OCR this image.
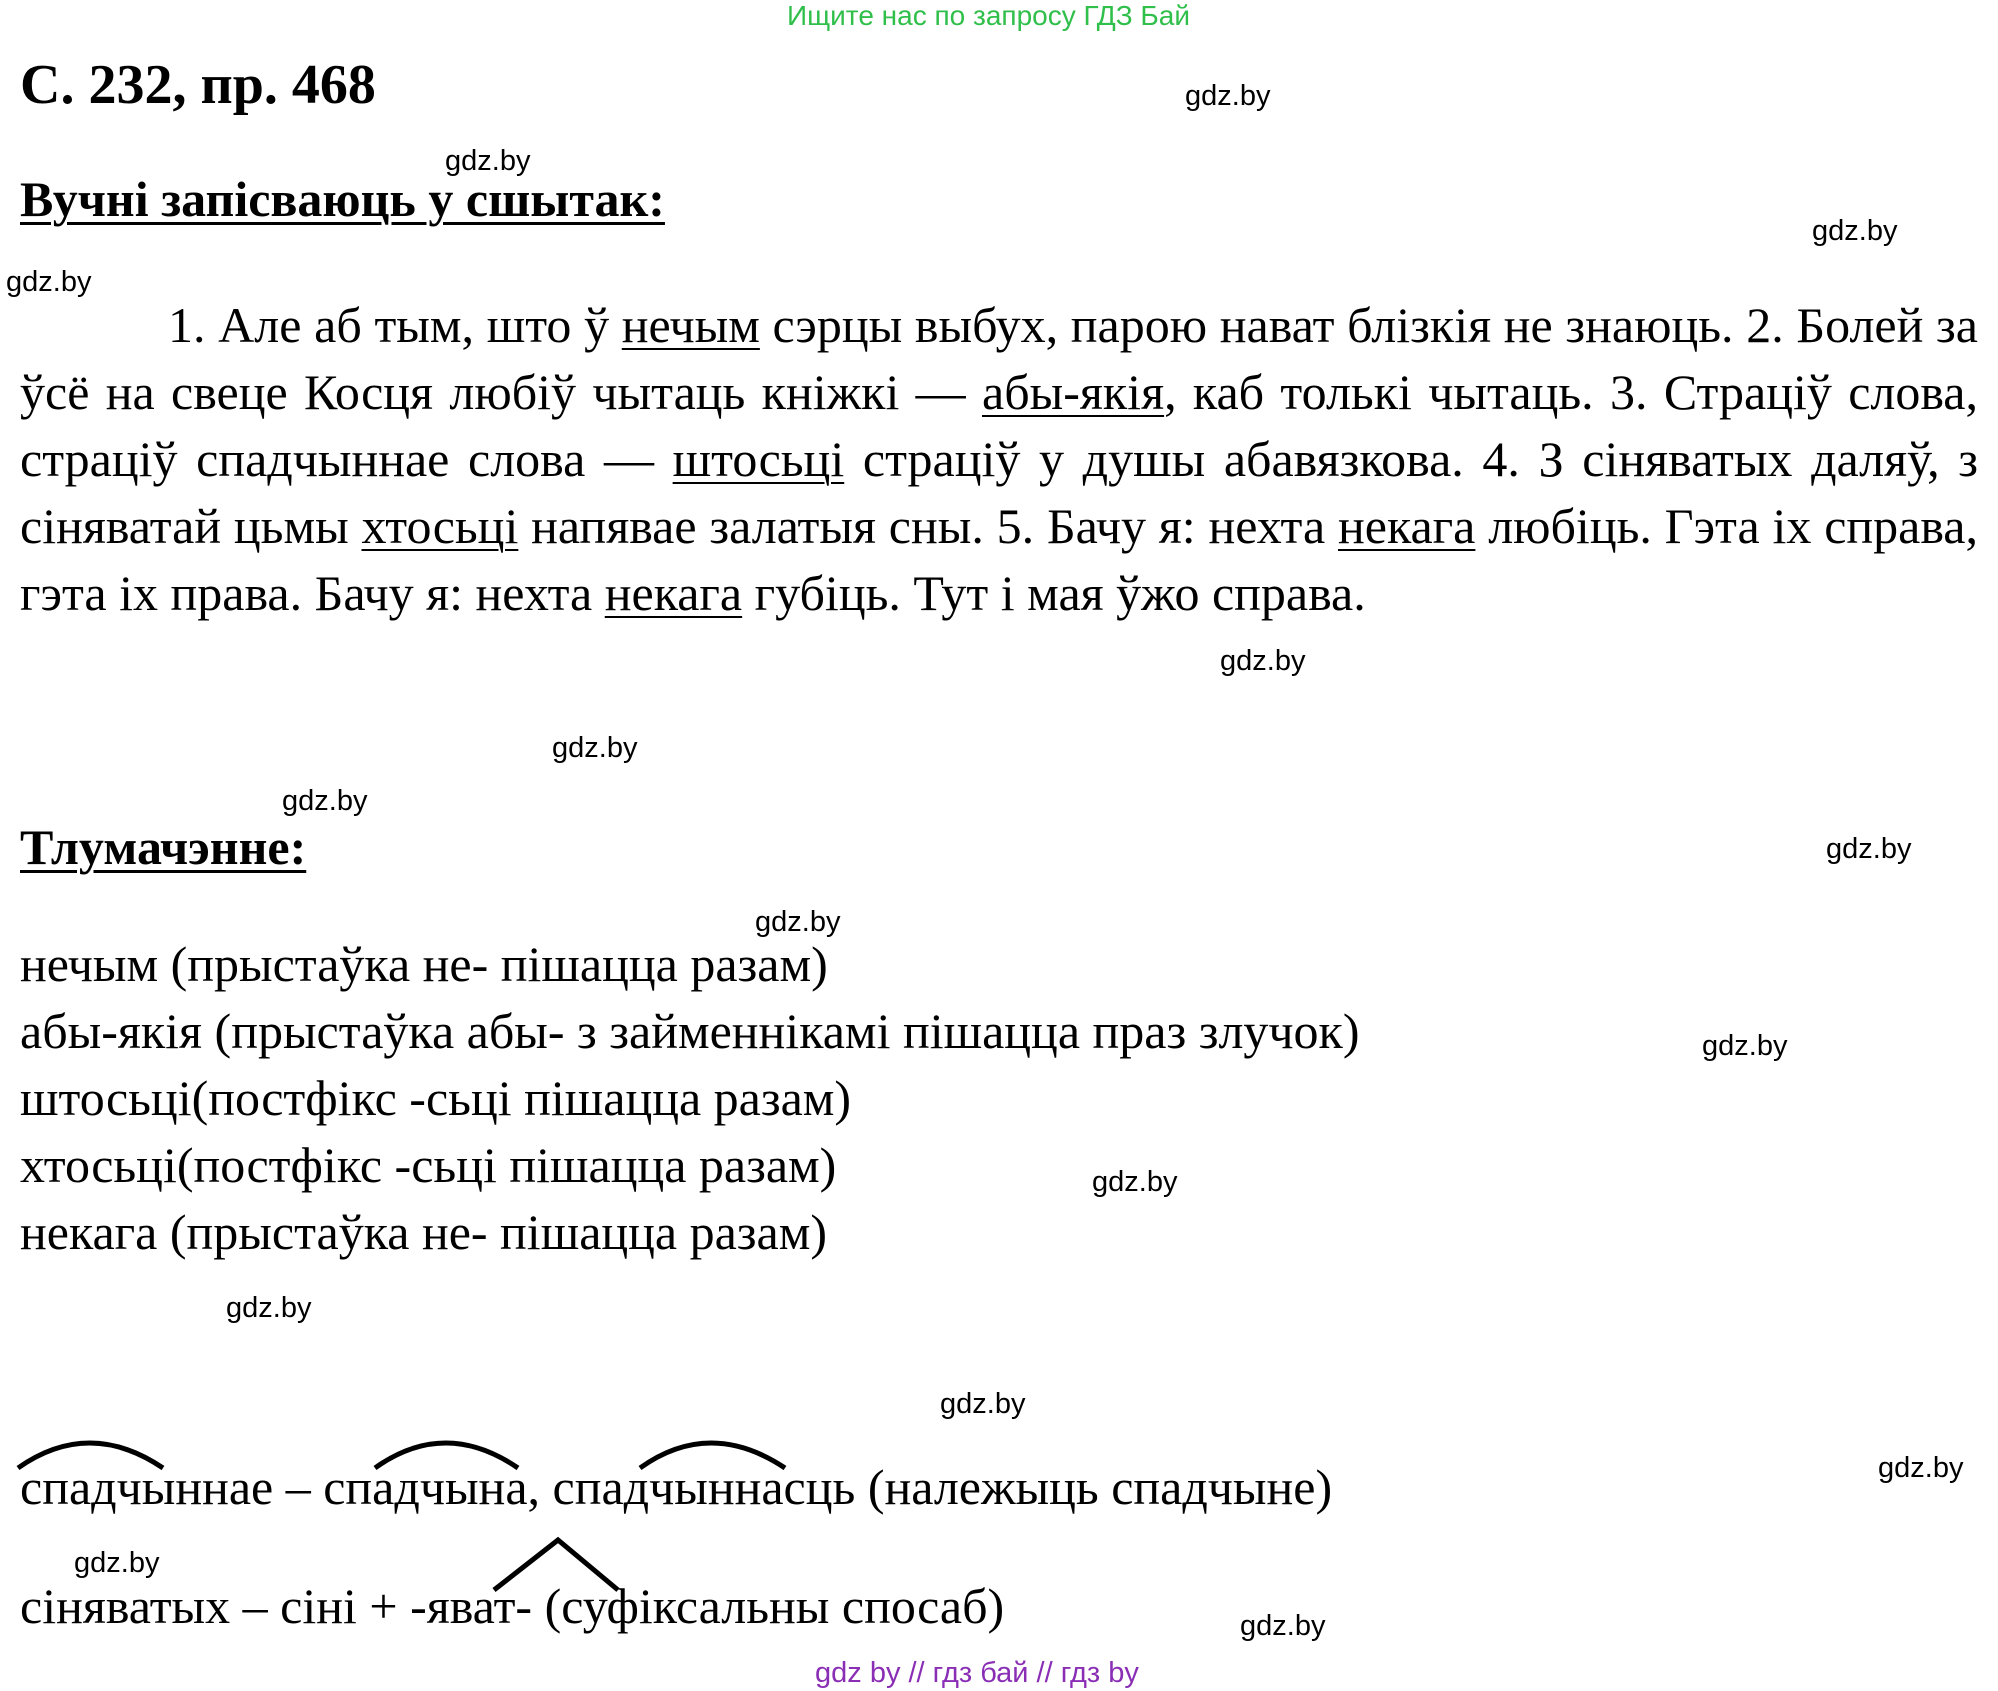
Ищите нас по запросу ГДЗ Бай
С. 232, пр. 468
Вучні запісваюць у сшытак:

1. Але аб тым, што ў нечым сэрцы выбух, парою нават блізкія не знаюць. 2. Болей за ўсё на свеце Косця любіў чытаць кніжкі — абы-якія, каб толькі чытаць. 3. Страціў слова, страціў спадчыннае слова — штосьці страціў у душы абавязкова. 4. З сіняватых даляў, з сіняватай цьмы хтосьці напявае залатыя сны. 5. Бачу я: нехта некага любіць. Гэта іх справа, гэта іх права. Бачу я: нехта некага губіць. Тут і мая ўжо справа.

Тлумачэнне:
нечым (прыстаўка не- пішацца разам)
абы-якія (прыстаўка абы- з займеннікамі пішацца праз злучок)
штосьці(постфікс -сьці пішацца разам)
хтосьці(постфікс -сьці пішацца разам)
некага (прыстаўка не- пішацца разам)
спадчыннае – спадчына, спадчыннасць (належыць спадчыне)
сіняватых – сіні + -яват- (суфіксальны спосаб)
gdz.by
gdz.by
gdz.by
gdz.by
gdz.by
gdz.by
gdz.by
gdz.by
gdz.by
gdz.by
gdz.by
gdz.by
gdz.by
gdz.by
gdz.by
gdz.by
gdz by // гдз бай // гдз by
